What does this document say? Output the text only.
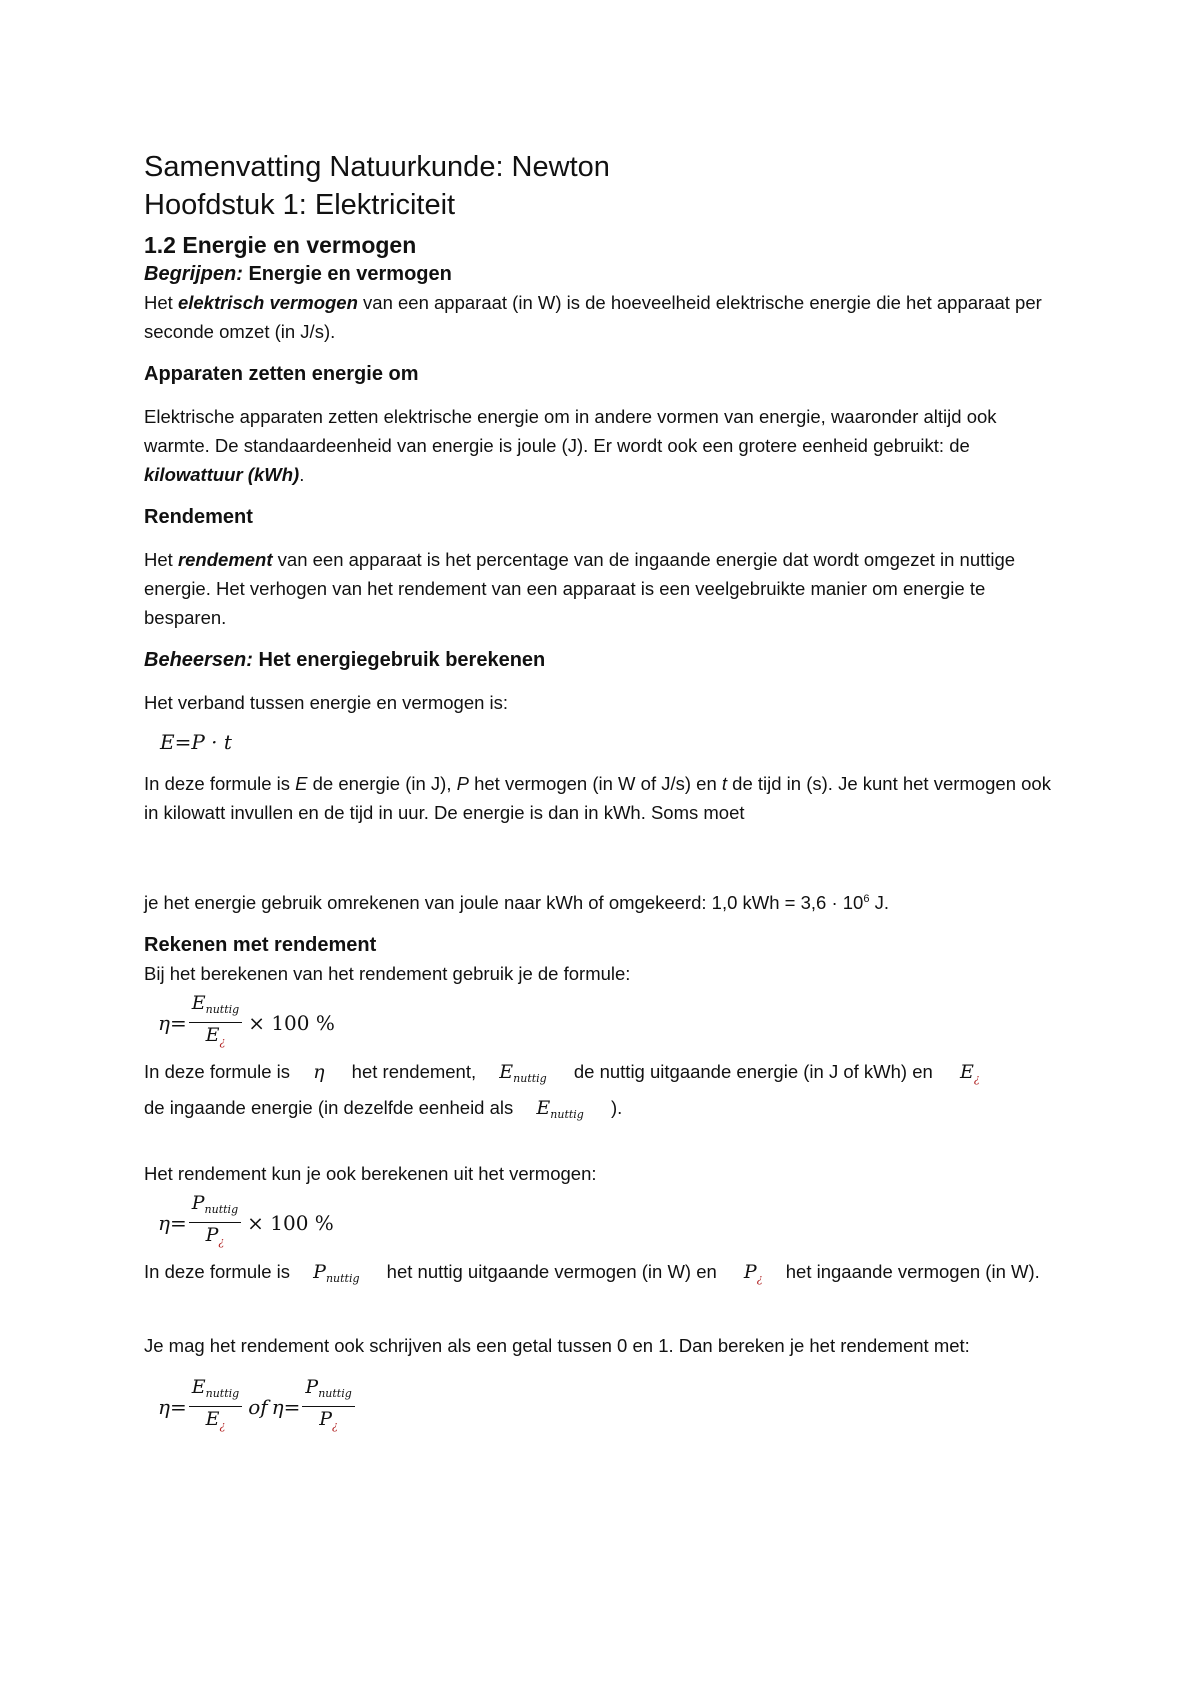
Samenvatting Natuurkunde: Newton
Hoofdstuk 1: Elektriciteit
1.2 Energie en vermogen
Begrijpen: Energie en vermogen

Het elektrisch vermogen van een apparaat (in W) is de hoeveelheid elektrische energie die het apparaat per seconde omzet (in J/s).

Apparaten zetten energie om

Elektrische apparaten zetten elektrische energie om in andere vormen van energie, waaronder altijd ook warmte. De standaardeenheid van energie is joule (J). Er wordt ook een grotere eenheid gebruikt: de kilowattuur (kWh).

Rendement

Het rendement van een apparaat is het percentage van de ingaande energie dat wordt omgezet in nuttige energie. Het verhogen van het rendement van een apparaat is een veelgebruikte manier om energie te besparen.

Beheersen: Het energiegebruik berekenen

Het verband tussen energie en vermogen is:

E=P · t

In deze formule is E de energie (in J), P het vermogen (in W of J/s) en t de tijd in (s). Je kunt het vermogen ook in kilowatt invullen en de tijd in uur. De energie is dan in kWh. Soms moet

je het energie gebruik omrekenen van joule naar kWh of omgekeerd: 1,0 kWh = $3,6 \cdot 10^6$ J.

Rekenen met rendement

Bij het berekenen van het rendement gebruik je de formule:

$\eta= \frac{E_{nuttig}}{E_¿} \times 100$ %

In deze formule is η het rendement, $E_{nuttig}$ de nuttig uitgaande energie (in J of kWh) en $E_¿$
de ingaande energie (in dezelfde eenheid als $E_{nuttig}$ ).

Het rendement kun je ook berekenen uit het vermogen:

$\eta= \frac{P_{nuttig}}{P_¿} \times 100$ %

In deze formule is $P_{nuttig}$ het nuttig uitgaande vermogen (in W) en $P_¿$ het ingaande vermogen (in W).

Je mag het rendement ook schrijven als een getal tussen 0 en 1. Dan bereken je het rendement met:

$\eta= \frac{E_{nuttig}}{E_¿}$ of $\eta= \frac{P_{nuttig}}{P_¿}$
